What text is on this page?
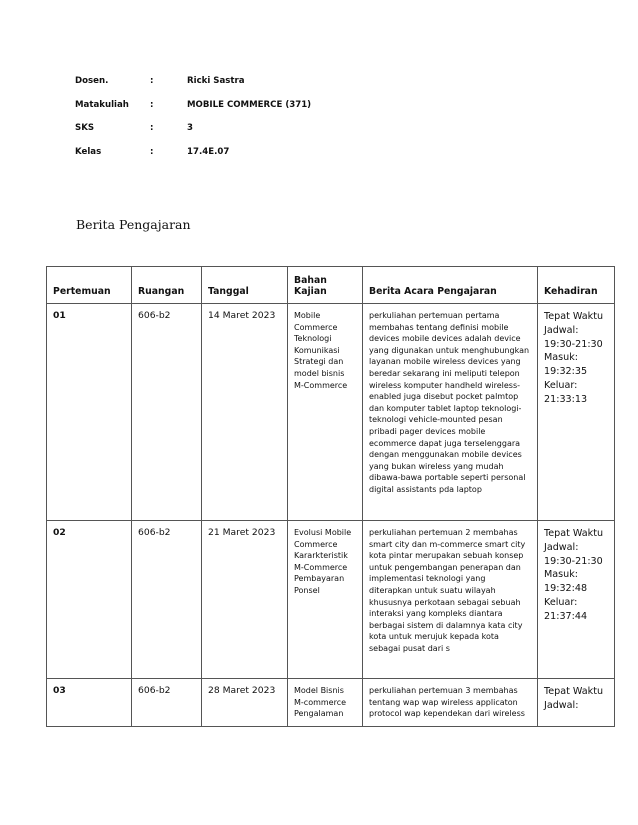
Dosen.	:	Ricki Sastra
Matakuliah :	MOBILE COMMERCE (371)
SKS	:	3
Kelas	:	17.4E.07
Berita Pengajaran
Pertemuan	Ruangan	Tanggal	Bahan Kajian	Berita Acara Pengajaran	Kehadiran
01	606-b2	14 Maret 2023	Mobile Commerce Teknologi Komunikasi Strategi dan model bisnis M-Commerce	perkuliahan pertemuan pertama membahas tentang definisi mobile devices mobile devices adalah device yang digunakan untuk menghubungkan layanan mobile wireless devices yang beredar sekarang ini meliputi telepon wireless komputer handheld wireless-enabled juga disebut pocket palmtop dan komputer tablet laptop teknologi-teknologi vehicle-mounted pesan pribadi pager devices mobile ecommerce dapat juga terselenggara dengan menggunakan mobile devices yang bukan wireless yang mudah dibawa-bawa portable seperti personal digital assistants pda laptop	Tepat Waktu Jadwal: 19:30-21:30 Masuk: 19:32:35 Keluar: 21:33:13
02	606-b2	21 Maret 2023	Evolusi Mobile Commerce Kararkteristik M-Commerce Pembayaran Ponsel	perkuliahan pertemuan 2 membahas smart city dan m-commerce smart city kota pintar merupakan sebuah konsep untuk pengembangan penerapan dan implementasi teknologi yang diterapkan untuk suatu wilayah khususnya perkotaan sebagai sebuah interaksi yang kompleks diantara berbagai sistem di dalamnya kata city kota untuk merujuk kepada kota sebagai pusat dari s	Tepat Waktu Jadwal: 19:30-21:30 Masuk: 19:32:48 Keluar: 21:37:44
03	606-b2	28 Maret 2023	Model Bisnis M-commerce Pengalaman	perkuliahan pertemuan 3 membahas tentang wap wap wireless applicaton protocol wap kependekan dari wireless	Tepat Waktu Jadwal:
